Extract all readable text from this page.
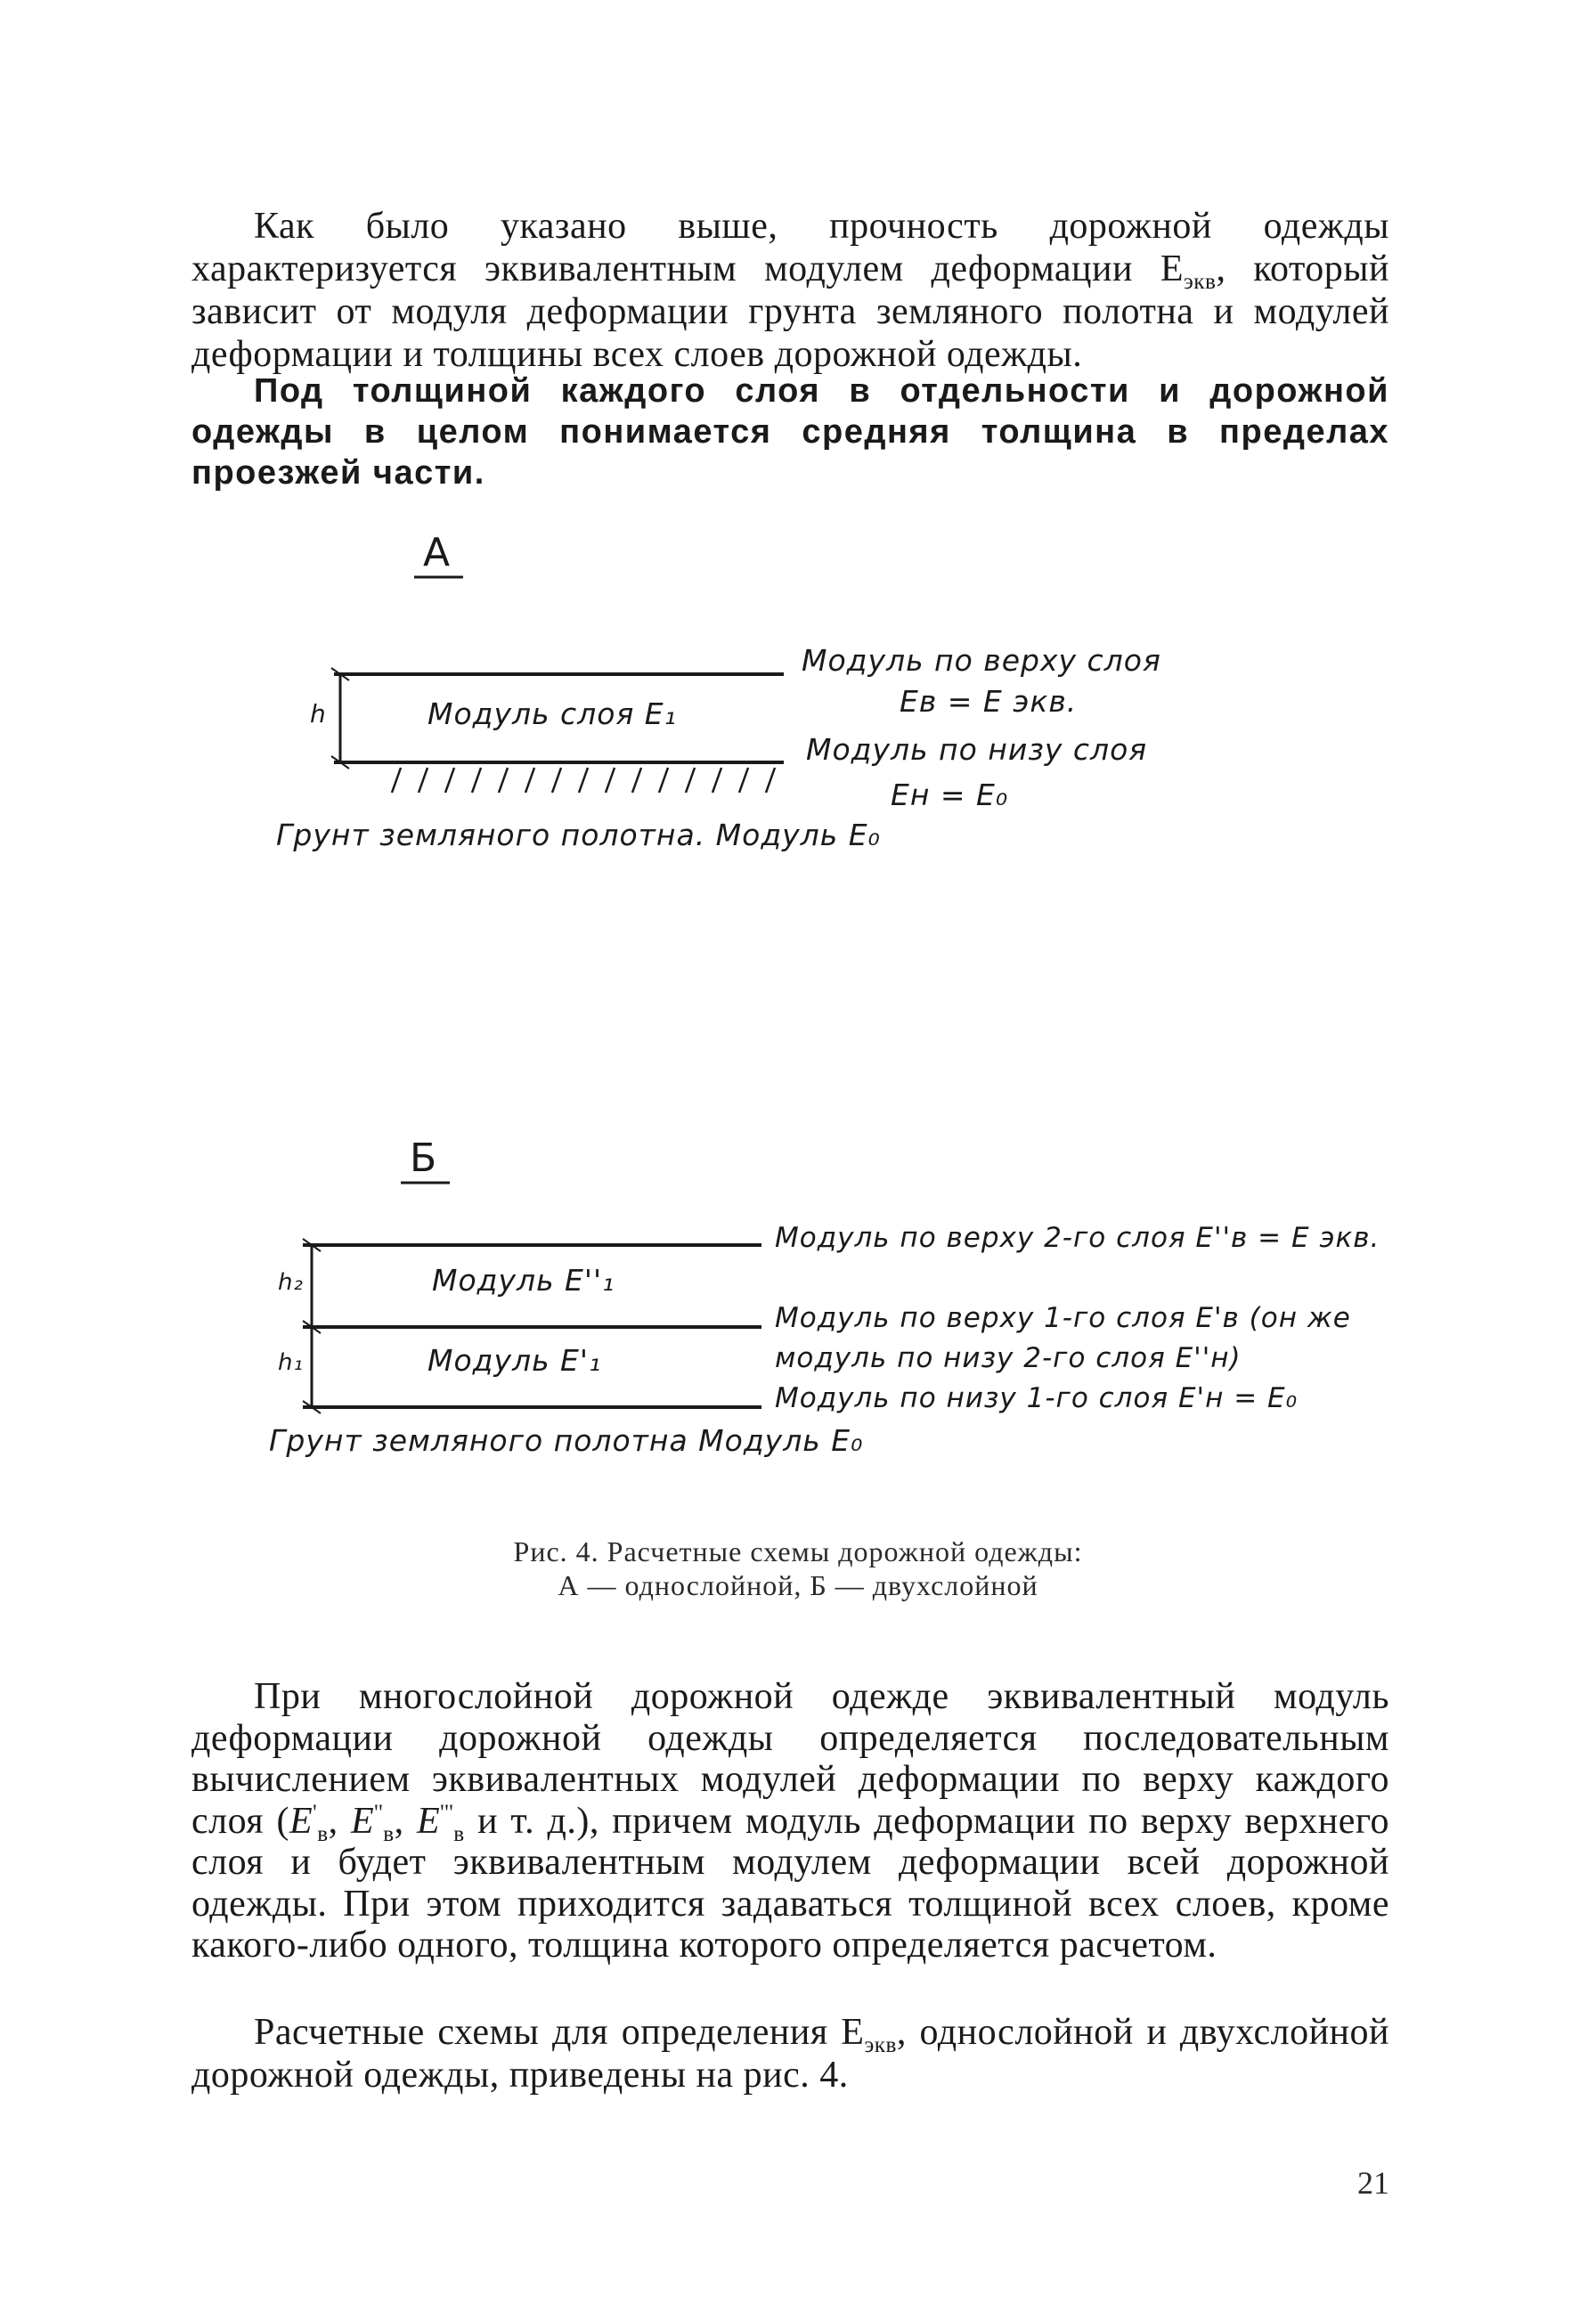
Как было указано выше, прочность дорожной одежды характеризуется эквивалентным модулем деформации $Е_{экв}$, который зависит от модуля деформации грунта земляного полотна и модулей деформации и толщины всех слоев дорожной одежды.

Под толщиной каждого слоя в отдельности и дорожной одежды в целом понимается средняя толщина в пределах проезжей части.

А
Модуль по верху слоя
Eв = E экв.
Модуль слоя E₁
Модуль по низу слоя
Eн = E₀
h
Грунт земляного полотна. Модуль E₀
Б
Модуль по верху 2-го слоя E''в = E экв.
Модуль E''₁
Модуль по верху 1-го слоя E'в (он же
модуль по низу 2-го слоя E''н)
Модуль E'₁
Модуль по низу 1-го слоя E'н = E₀
h₂
h₁
Грунт земляного полотна Модуль E₀
Рис. 4. Расчетные схемы дорожной одежды:
А — однослойной, Б — двухслойной

При многослойной дорожной одежде эквивалентный модуль деформации дорожной одежды определяется последовательным вычислением эквивалентных модулей деформации по верху каждого слоя ($E'_в$, $E''_в$, $E'''_в$ и т. д.), причем модуль деформации по верху верхнего слоя и будет эквивалентным модулем деформации всей дорожной одежды. При этом приходится задаваться толщиной всех слоев, кроме какого-либо одного, толщина которого определяется расчетом.

Расчетные схемы для определения $Е_{экв}$, однослойной и двухслойной дорожной одежды, приведены на рис. 4.

21
